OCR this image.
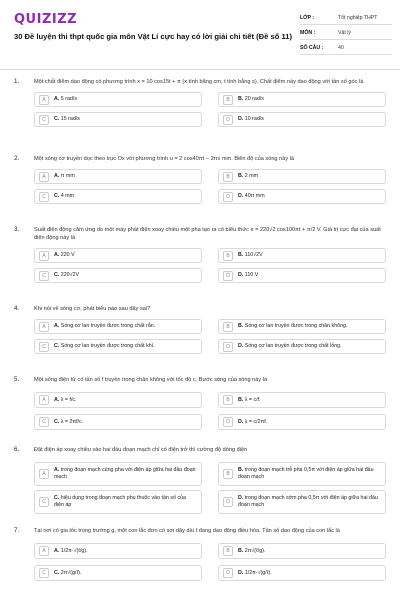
QUIZIZZ
30 Đề luyện thi thpt quốc gia môn Vật Lí cực hay có lời giải chi tiết (Đề số 11)
LỚP :	Tốt nghiệp THPT
MÔN :	Vật lý
SỐ CÂU :	40
1.	Một chất điểm dao động có phương trình x = 10 cos15t + π (x tính bằng cm, t tính bằng s). Chất điểm này dao động với tần số góc là
A	A. 5 rad/s	B	B. 20 rad/s
C	C. 15 rad/s	D	D. 10 rad/s
2.	Một sóng cơ truyền dọc theo trục Ox với phương trình u = 2 cos40πt − 2πx mm. Biên độ của sóng này là
A	A. π mm	B	B. 2 mm
C	C. 4 mm	D	D. 40π mm
3.	Suất điện động cảm ứng do một máy phát điện xoay chiều một pha tạo ra có biểu thức e = 220√2 cos100πt + π/2 V. Giá trị cực đại của suất điện động này là
A	A. 220 V	B	B. 110√2V
C	C. 220√2V	D	D. 110 V
4.	Khi nói về sóng cơ, phát biểu nào sau đây sai?
A	A. Sóng cơ lan truyền được trong chất rắn.	B	B. Sóng cơ lan truyền được trong chân không.
C	C. Sóng cơ lan truyền được trong chất khí.	D	D. Sóng cơ lan truyền được trong chất lỏng.
5.	Một sóng điện từ có tần số f truyền trong chân không với tốc độ c. Bước sóng của sóng này là
A	A. λ = f/c.	B	B. λ = c/f.
C	C. λ = 2πf/c.	D	D. λ = c/2πf.
6.	Đặt điện áp xoay chiều vào hai đầu đoạn mạch chỉ có điện trở thì cường độ dòng điện
A
A. trong đoạn mạch cùng pha với điện áp giữa hai đầu đoạn mạch	B
B. trong đoạn mạch trễ pha 0,5π với điện áp giữa hai đầu đoạn mạch
C
C. hiệu dụng trong đoạn mạch phụ thuộc vào tần số của điện áp	D
D. trong đoạn mạch sớm pha 0,5π với điện áp giữa hai đầu đoạn mạch
7.	Tại nơi có gia tốc trọng trường g, một con lắc đơn có sợi dây dài ℓ đang dao động điều hòa. Tần số dao động của con lắc là
A	A. 1/2π·√(ℓ/g).	B	B. 2π√(ℓ/g).
C	C. 2π√(g/ℓ).	D	D. 1/2π·√(g/ℓ).
